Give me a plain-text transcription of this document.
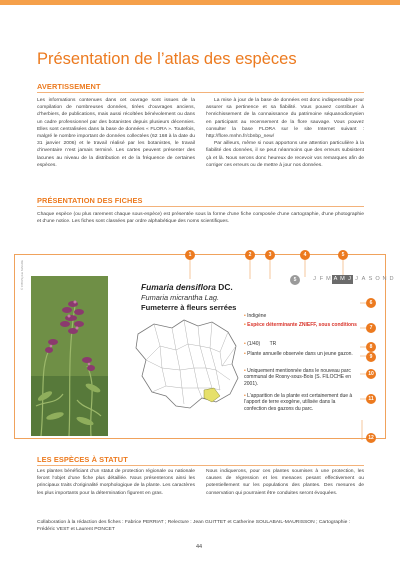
Présentation de l’atlas des espèces
AVERTISSEMENT

Les informations contenues dans cet ouvrage sont issues de la compilation de nombreuses données, tirées d’ouvrages anciens, d’herbiers, de publications, mais aussi récoltées bénévolement ou dans un cadre professionnel par des botanistes depuis plusieurs décennies. Elles sont centralisées dans la base de données « FLORA ». Toutefois, malgré le nombre important de données collectées (62 168 à la date du 31 janvier 2006) et le travail réalisé par les botanistes, le travail d’inventaire n’est jamais terminé. Les cartes peuvent présenter des lacunes au niveau de la distribution et de la fréquence de certaines espèces.

La mise à jour de la base de données est donc indispensable pour assurer sa pertinence et sa fiabilité. Vous pouvez contribuer à l’enrichissement de la connaissance du patrimoine séquanodionysien en participant au recensement de la flore sauvage. Vous pouvez consulter la base FLORA sur le site Internet suivant : http://flore.mnhn.fr/cbnbp_new/

Par ailleurs, même si nous apportons une attention particulière à la fiabilité des données, il se peut néanmoins que des erreurs subsistent çà et là. Nous serons donc heureux de recevoir vos remarques afin de corriger ces erreurs ou de mettre à jour nos données.

PRÉSENTATION DES FICHES
Chaque espèce (ou plus rarement chaque sous-espèce) est présentée sous la forme d’une fiche composée d’une cartographie, d’une photographie et d’une notice. Les fiches sont classées par ordre alphabétique des noms scientifiques.
1	2	3	4	5
© CBN/Sylvie MAGRE	Fumaria densiflora DC.
Fumaria micrantha Lag.
Fumeterre à fleurs serrées
5	J F M A M J J A S O N D
• Indigène
• Espèce déterminante ZNIEFF, sous conditions
• (1/40) TR
• Plante annuelle observée dans un jeune gazon.
• Uniquement mentionnée dans le nouveau parc communal de Rosny-sous-Bois (S. FILOCHE en 2001).
• L’apparition de la plante est certainement due à l’apport de terre exogène, utilisée dans la confection des gazons du parc.
6
7
8
9
10
11
12
LES ESPÈCES À STATUT
Les plantes bénéficiant d’un statut de protection régionale ou nationale feront l’objet d’une fiche plus détaillée. Nous présenterons ainsi les principaux traits d’originalité morphologique de la plante. Les caractères les plus importants pour la détermination figurent en gras.
Nous indiquerons, pour ces plantes soumises à une protection, les causes de régression et les menaces pesant effectivement ou potentiellement sur les populations des plantes. Des mesures de conservation qui pourraient être conduites seront évoquées.
Collaboration à la rédaction des fiches : Fabrice PERRIAT ; Relecture : Jean GUITTET et Catherine SOULABAIL-MAURISSON ; Cartographie : Frédéric VEST et Laurent PONCET
44
